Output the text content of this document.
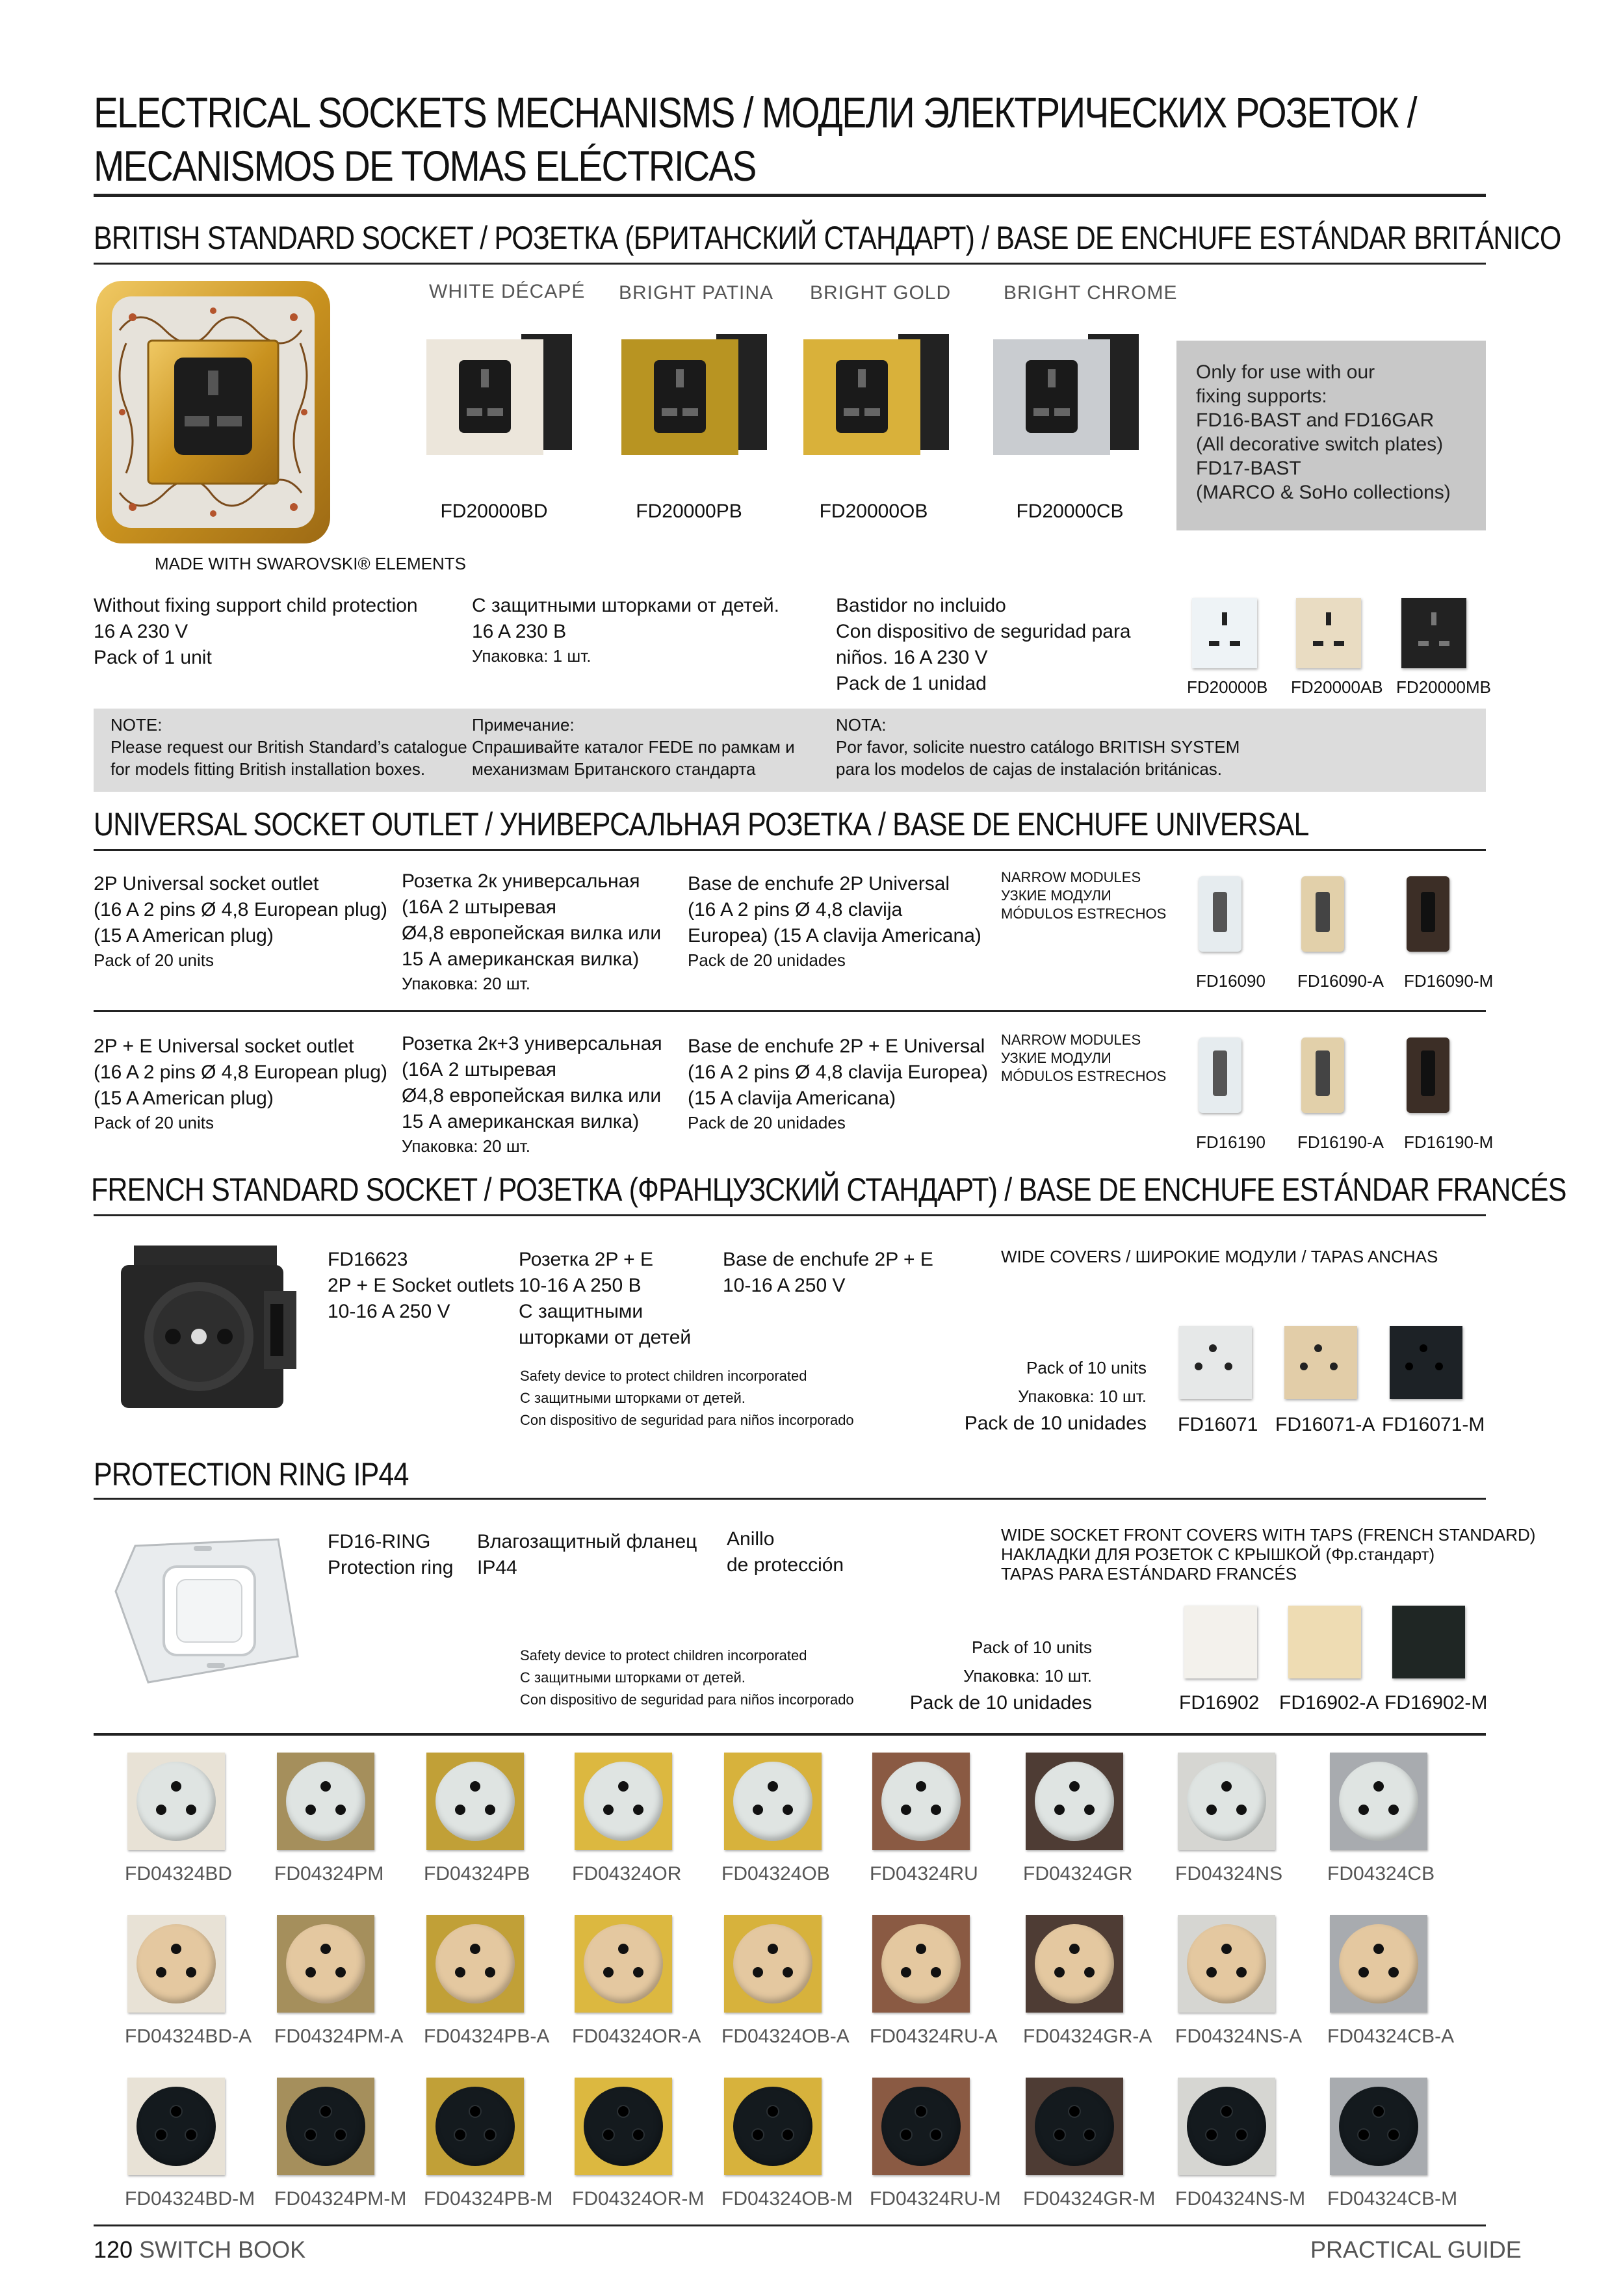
ELECTRICAL SOCKETS MECHANISMS / МОДЕЛИ ЭЛЕКТРИЧЕСКИХ РОЗЕТОК /
MECANISMOS DE TOMAS ELÉCTRICAS
BRITISH STANDARD SOCKET / РОЗЕТКА (БРИТАНСКИЙ СТАНДАРТ) / BASE DE ENCHUFE ESTÁNDAR BRITÁNICO
MADE WITH SWAROVSKI® ELEMENTS
WHITE DÉCAPÉ BRIGHT PATINA BRIGHT GOLD	BRIGHT CHROME
FD20000BD	FD20000PB	FD20000OB	FD20000CB
Only for use with our
fixing supports:
FD16-BAST and FD16GAR
(All decorative switch plates)
FD17-BAST
(MARCO & SoHo collections)
Without fixing support child protection
16 A 230 V
Pack of 1 unit
С защитными шторками от детей.
16 A 230 В
Упаковка: 1 шт.
Bastidor no incluido
Con dispositivo de seguridad para
niños. 16 A 230 V
Pack de 1 unidad	FD20000B FD20000AB FD20000MB
NOTE:
Please request our British Standard’s catalogue
for models fitting British installation boxes.
Примечание:
Спрашивайте каталог FEDE по рамкам и
механизмам Британского стандарта
NOTA:
Por favor, solicite nuestro catálogo BRITISH SYSTEM
para los modelos de cajas de instalación británicas.
UNIVERSAL SOCKET OUTLET / УНИВЕРСАЛЬНАЯ РОЗЕТКА / BASE DE ENCHUFE UNIVERSAL
2P Universal socket outlet
(16 A 2 pins Ø 4,8 European plug)
(15 A American plug)
Pack of 20 units
Розетка 2к универсальная
(16А 2 штыревая
Ø4,8 европейская вилка или
15 А американская вилка)
Упаковка: 20 шт.
Base de enchufe 2P Universal
(16 A 2 pins Ø 4,8 clavija
Europea) (15 A clavija Americana)
Pack de 20 unidades
NARROW MODULES
УЗКИЕ МОДУЛИ
MÓDULOS ESTRECHOS
FD16090 FD16090-A FD16090-M
2P + E Universal socket outlet
(16 A 2 pins Ø 4,8 European plug)
(15 A American plug)
Pack of 20 units
Розетка 2к+3 универсальная
(16А 2 штыревая
Ø4,8 европейская вилка или
15 А американская вилка)
Упаковка: 20 шт.
Base de enchufe 2P + E Universal
(16 A 2 pins Ø 4,8 clavija Europea)
(15 A clavija Americana)
Pack de 20 unidades
NARROW MODULES
УЗКИЕ МОДУЛИ
MÓDULOS ESTRECHOS
FD16190 FD16190-A FD16190-M
FRENCH STANDARD SOCKET / РОЗЕТКА (ФРАНЦУЗСКИЙ СТАНДАРТ) / BASE DE ENCHUFE ESTÁNDAR FRANCÉS
FD16623
2P + E Socket outlets
10-16 A 250 V
Розетка 2P + E
10-16 A 250 В
С защитными
шторками от детей
Base de enchufe 2P + E
10-16 A 250 V
Safety device to protect children incorporated
С защитными шторками от детей.
Con dispositivo de seguridad para niños incorporado
WIDE COVERS / ШИРОКИЕ МОДУЛИ / TAPAS ANCHAS
Pack of 10 units
Упаковка: 10 шт.
Pack de 10 unidades FD16071 FD16071-A FD16071-M
PROTECTION RING IP44
FD16-RING
Protection ring
Влагозащитный фланец
IP44
Anillo
de protección
Safety device to protect children incorporated
С защитными шторками от детей.
Con dispositivo de seguridad para niños incorporado
WIDE SOCKET FRONT COVERS WITH TAPS (FRENCH STANDARD)
НАКЛАДКИ ДЛЯ РОЗЕТОК С КРЫШКОЙ (Фр.стандарт)
TAPAS PARA ESTÁNDARD FRANCÉS
Pack of 10 units
Упаковка: 10 шт.
Pack de 10 unidades	FD16902 FD16902-A FD16902-M
FD04324BD FD04324PM FD04324PB FD04324OR FD04324OB FD04324RU FD04324GR FD04324NS FD04324CB
FD04324BD-A FD04324PM-A FD04324PB-A FD04324OR-A FD04324OB-A FD04324RU-A FD04324GR-A FD04324NS-A FD04324CB-A
FD04324BD-M FD04324PM-M FD04324PB-M FD04324OR-M FD04324OB-M FD04324RU-M FD04324GR-M FD04324NS-M FD04324CB-M
120 SWITCH BOOK	PRACTICAL GUIDE
